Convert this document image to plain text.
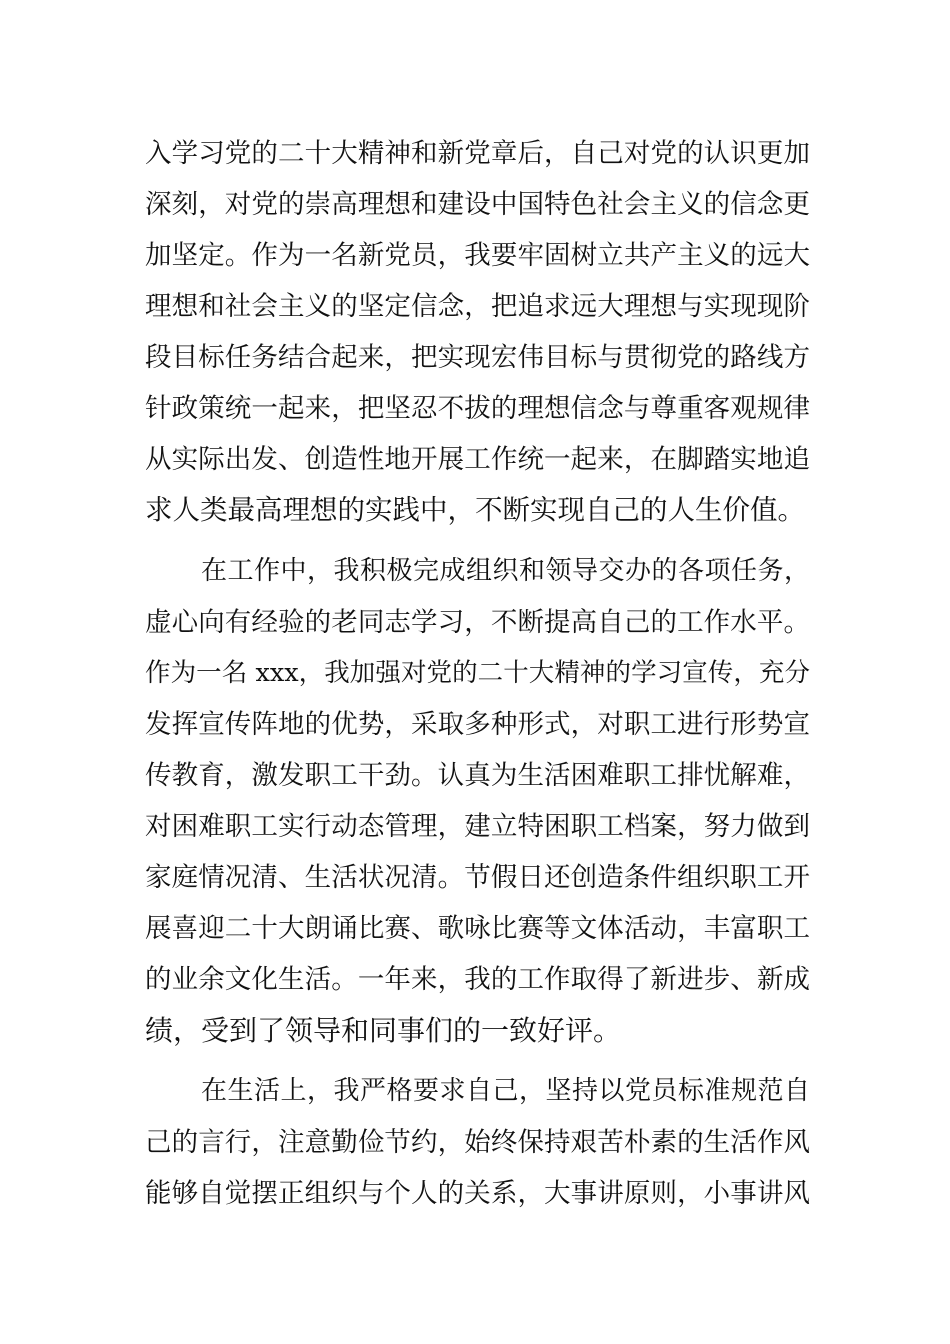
入学习党的二十大精神和新党章后，自己对党的认识更加
深刻，对党的崇高理想和建设中国特色社会主义的信念更
加坚定。作为一名新党员，我要牢固树立共产主义的远大
理想和社会主义的坚定信念，把追求远大理想与实现现阶
段目标任务结合起来，把实现宏伟目标与贯彻党的路线方
针政策统一起来，把坚忍不拔的理想信念与尊重客观规律
从实际出发、创造性地开展工作统一起来，在脚踏实地追
求人类最高理想的实践中，不断实现自己的人生价值。

在工作中，我积极完成组织和领导交办的各项任务，
虚心向有经验的老同志学习，不断提高自己的工作水平。
作为一名 xxx，我加强对党的二十大精神的学习宣传，充分
发挥宣传阵地的优势，采取多种形式，对职工进行形势宣
传教育，激发职工干劲。认真为生活困难职工排忧解难，
对困难职工实行动态管理，建立特困职工档案，努力做到
家庭情况清、生活状况清。节假日还创造条件组织职工开
展喜迎二十大朗诵比赛、歌咏比赛等文体活动，丰富职工
的业余文化生活。一年来，我的工作取得了新进步、新成
绩，受到了领导和同事们的一致好评。

在生活上，我严格要求自己，坚持以党员标准规范自
己的言行，注意勤俭节约，始终保持艰苦朴素的生活作风
能够自觉摆正组织与个人的关系，大事讲原则，小事讲风
